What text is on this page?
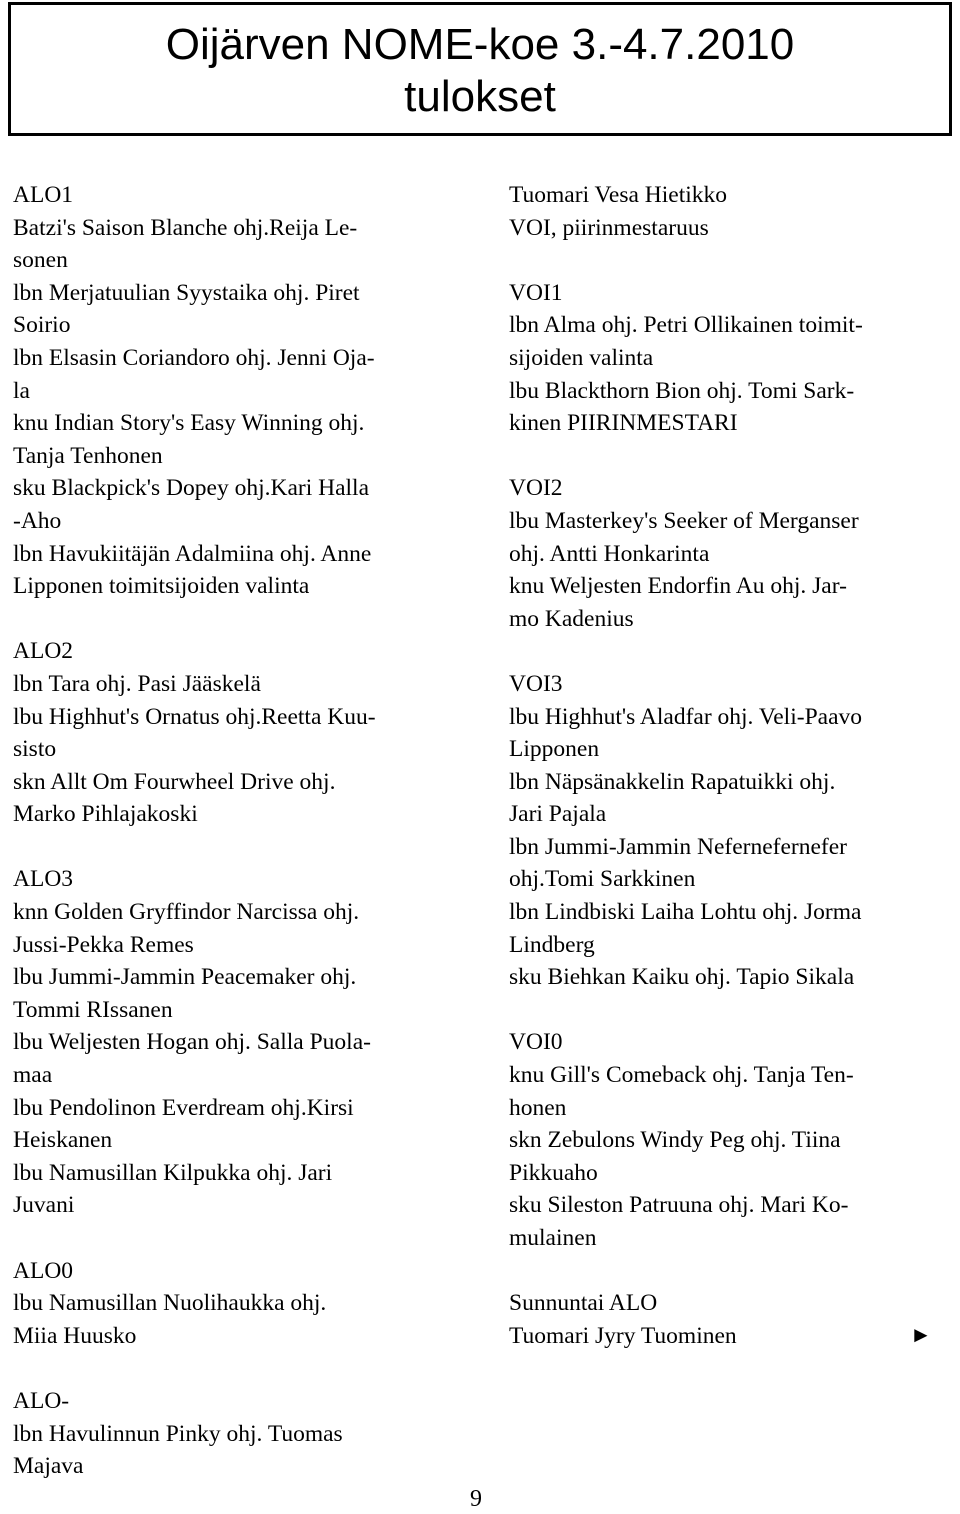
Oijärven NOME-koe 3.-4.7.2010
tulokset
ALO1
Batzi's Saison Blanche ohj.Reija Le-
sonen
lbn Merjatuulian Syystaika ohj. Piret
Soirio
lbn Elsasin Coriandoro ohj. Jenni Oja-
la
knu Indian Story's Easy Winning ohj.
Tanja Tenhonen
sku Blackpick's Dopey ohj.Kari Halla
-Aho
lbn Havukiitäjän Adalmiina ohj. Anne
Lipponen toimitsijoiden valinta
ALO2
lbn Tara ohj. Pasi Jääskelä
lbu Highhut's Ornatus ohj.Reetta Kuu-
sisto
skn Allt Om Fourwheel Drive ohj.
Marko Pihlajakoski
ALO3
knn Golden Gryffindor Narcissa ohj.
Jussi-Pekka Remes
lbu Jummi-Jammin Peacemaker ohj.
Tommi RIssanen
lbu Weljesten Hogan ohj. Salla Puola-
maa
lbu Pendolinon Everdream ohj.Kirsi
Heiskanen
lbu Namusillan Kilpukka ohj. Jari
Juvani
ALO0
lbu Namusillan Nuolihaukka ohj.
Miia Huusko
ALO-
lbn Havulinnun Pinky ohj. Tuomas
Majava
Tuomari Vesa Hietikko
VOI, piirinmestaruus
VOI1
lbn Alma ohj. Petri Ollikainen toimit-
sijoiden valinta
lbu Blackthorn Bion ohj. Tomi Sark-
kinen PIIRINMESTARI
VOI2
lbu Masterkey's Seeker of Merganser
ohj. Antti Honkarinta
knu Weljesten Endorfin Au ohj. Jar-
mo Kadenius
VOI3
lbu Highhut's Aladfar ohj. Veli-Paavo
Lipponen
lbn Näpsänakkelin Rapatuikki ohj.
Jari Pajala
lbn Jummi-Jammin Nefernefernefer
ohj.Tomi Sarkkinen
lbn Lindbiski Laiha Lohtu ohj. Jorma
Lindberg
sku Biehkan Kaiku ohj. Tapio Sikala
VOI0
knu Gill's Comeback ohj. Tanja Ten-
honen
skn Zebulons Windy Peg ohj. Tiina
Pikkuaho
sku Sileston Patruuna ohj. Mari Ko-
mulainen
Sunnuntai ALO
Tuomari Jyry Tuominen	►
9
